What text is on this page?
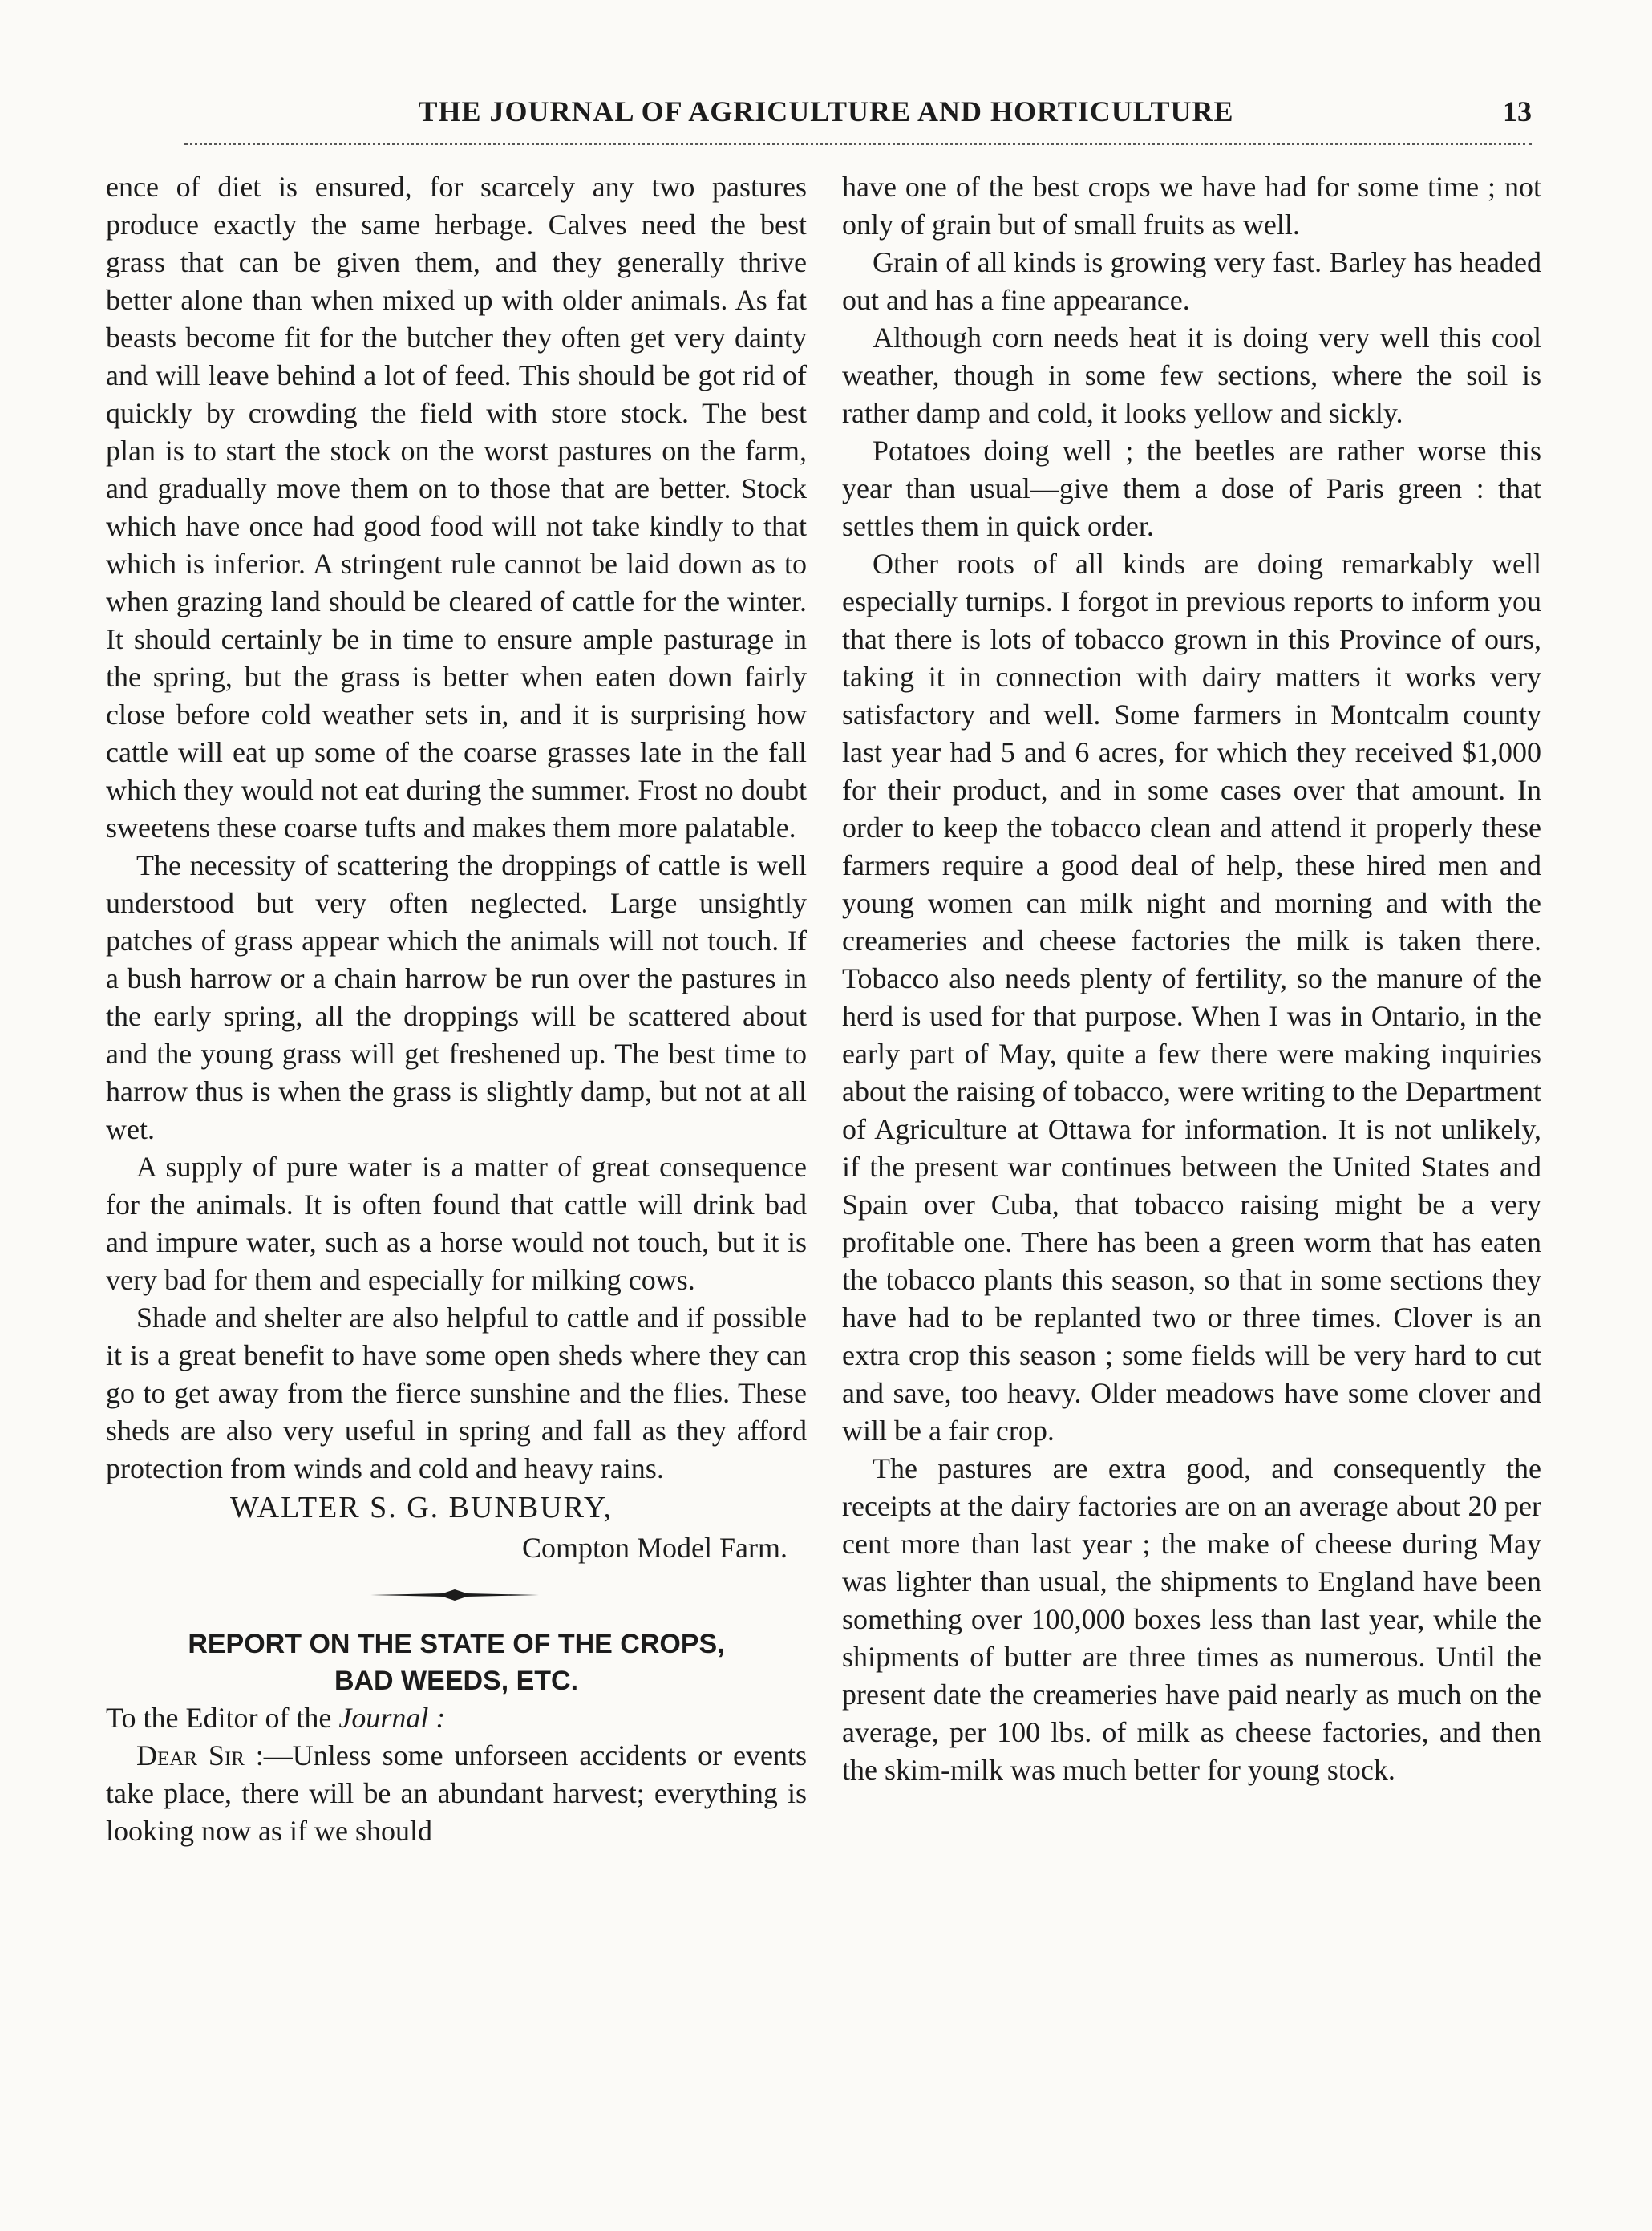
THE JOURNAL OF AGRICULTURE AND HORTICULTURE	13

ence of diet is ensured, for scarcely any two pastures produce exactly the same herbage. Calves need the best grass that can be given them, and they generally thrive better alone than when mixed up with older animals. As fat beasts become fit for the butcher they often get very dainty and will leave behind a lot of feed. This should be got rid of quickly by crowding the field with store stock. The best plan is to start the stock on the worst pastures on the farm, and gradually move them on to those that are better. Stock which have once had good food will not take kindly to that which is inferior. A stringent rule cannot be laid down as to when grazing land should be cleared of cattle for the winter. It should certainly be in time to ensure ample pasturage in the spring, but the grass is better when eaten down fairly close before cold weather sets in, and it is surprising how cattle will eat up some of the coarse grasses late in the fall which they would not eat during the summer. Frost no doubt sweetens these coarse tufts and makes them more palatable.

The necessity of scattering the droppings of cattle is well understood but very often neglected. Large unsightly patches of grass appear which the animals will not touch. If a bush harrow or a chain harrow be run over the pastures in the early spring, all the droppings will be scattered about and the young grass will get freshened up. The best time to harrow thus is when the grass is slightly damp, but not at all wet.

A supply of pure water is a matter of great consequence for the animals. It is often found that cattle will drink bad and impure water, such as a horse would not touch, but it is very bad for them and especially for milking cows.

Shade and shelter are also helpful to cattle and if possible it is a great benefit to have some open sheds where they can go to get away from the fierce sunshine and the flies. These sheds are also very useful in spring and fall as they afford protection from winds and cold and heavy rains.

WALTER S. G. BUNBURY,

Compton Model Farm.

REPORT ON THE STATE OF THE CROPS,

BAD WEEDS, ETC.

To the Editor of the Journal :

Dear Sir :—Unless some unforseen accidents or events take place, there will be an abundant harvest; everything is looking now as if we should

have one of the best crops we have had for some time ; not only of grain but of small fruits as well.

Grain of all kinds is growing very fast. Barley has headed out and has a fine appearance.

Although corn needs heat it is doing very well this cool weather, though in some few sections, where the soil is rather damp and cold, it looks yellow and sickly.

Potatoes doing well ; the beetles are rather worse this year than usual—give them a dose of Paris green : that settles them in quick order.

Other roots of all kinds are doing remarkably well especially turnips. I forgot in previous reports to inform you that there is lots of tobacco grown in this Province of ours, taking it in connection with dairy matters it works very satisfactory and well. Some farmers in Montcalm county last year had 5 and 6 acres, for which they received $1,000 for their product, and in some cases over that amount. In order to keep the tobacco clean and attend it properly these farmers require a good deal of help, these hired men and young women can milk night and morning and with the creameries and cheese factories the milk is taken there. Tobacco also needs plenty of fertility, so the manure of the herd is used for that purpose. When I was in Ontario, in the early part of May, quite a few there were making inquiries about the raising of tobacco, were writing to the Department of Agriculture at Ottawa for information. It is not unlikely, if the present war continues between the United States and Spain over Cuba, that tobacco raising might be a very profitable one. There has been a green worm that has eaten the tobacco plants this season, so that in some sections they have had to be replanted two or three times. Clover is an extra crop this season ; some fields will be very hard to cut and save, too heavy. Older meadows have some clover and will be a fair crop.

The pastures are extra good, and consequently the receipts at the dairy factories are on an average about 20 per cent more than last year ; the make of cheese during May was lighter than usual, the shipments to England have been something over 100,000 boxes less than last year, while the shipments of butter are three times as numerous. Until the present date the creameries have paid nearly as much on the average, per 100 lbs. of milk as cheese factories, and then the skim-milk was much better for young stock.
